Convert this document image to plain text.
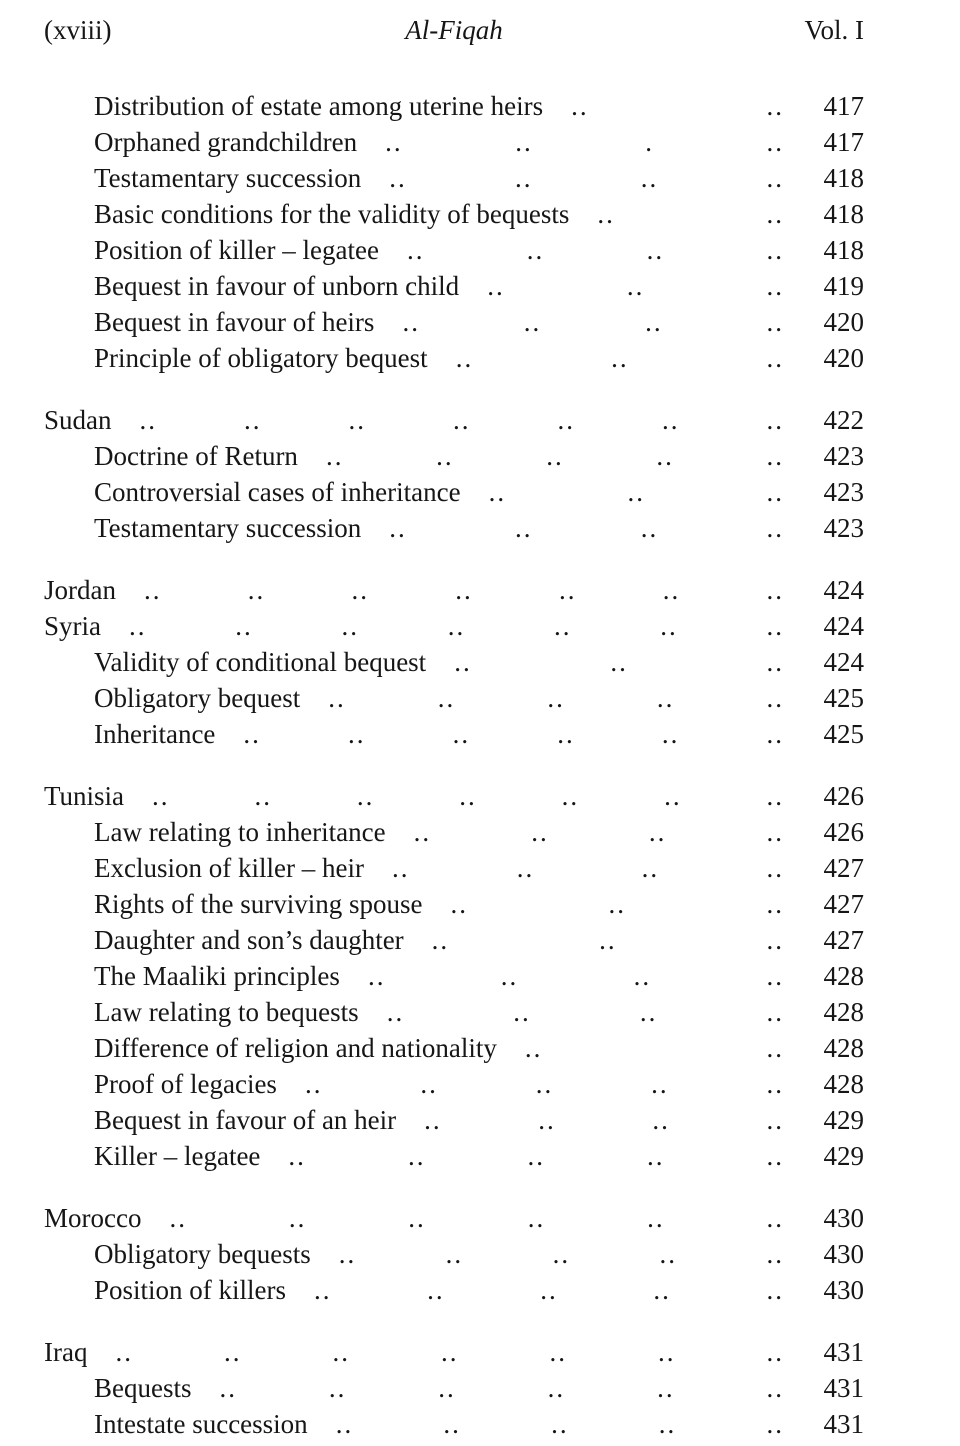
(xviii)	Al-Fiqah	Vol. I
Distribution of estate among uterine heirs ..	..	417
Orphaned grandchildren ..	..	.	..	417
Testamentary succession ..	..	..	..	418
Basic conditions for the validity of bequests ..	..	418
Position of killer – legatee ..	..	..	..	418
Bequest in favour of unborn child ..	..	..	419
Bequest in favour of heirs ..	..	..	..	420
Principle of obligatory bequest ..	..	..	420
Sudan ..	..	..	..	..	..	..	422
Doctrine of Return ..	..	..	..	..	423
Controversial cases of inheritance ..	..	..	423
Testamentary succession ..	..	..	..	423
Jordan ..	..	..	..	..	..	..	424
Syria ..	..	..	..	..	..	..	424
Validity of conditional bequest ..	..	..	424
Obligatory bequest ..	..	..	..	..	425
Inheritance ..	..	..	..	..	..	425
Tunisia ..	..	..	..	..	..	..	426
Law relating to inheritance ..	..	..	..	426
Exclusion of killer – heir ..	..	..	..	427
Rights of the surviving spouse ..	..	..	427
Daughter and son’s daughter ..	..	..	427
The Maaliki principles ..	..	..	..	428
Law relating to bequests ..	..	..	..	428
Difference of religion and nationality ..	..	428
Proof of legacies ..	..	..	..	..	428
Bequest in favour of an heir ..	..	..	..	429
Killer – legatee ..	..	..	..	..	429
Morocco ..	..	..	..	..	..	430
Obligatory bequests ..	..	..	..	..	430
Position of killers ..	..	..	..	..	430
Iraq ..	..	..	..	..	..	..	431
Bequests ..	..	..	..	..	..	431
Intestate succession ..	..	..	..	..	431
